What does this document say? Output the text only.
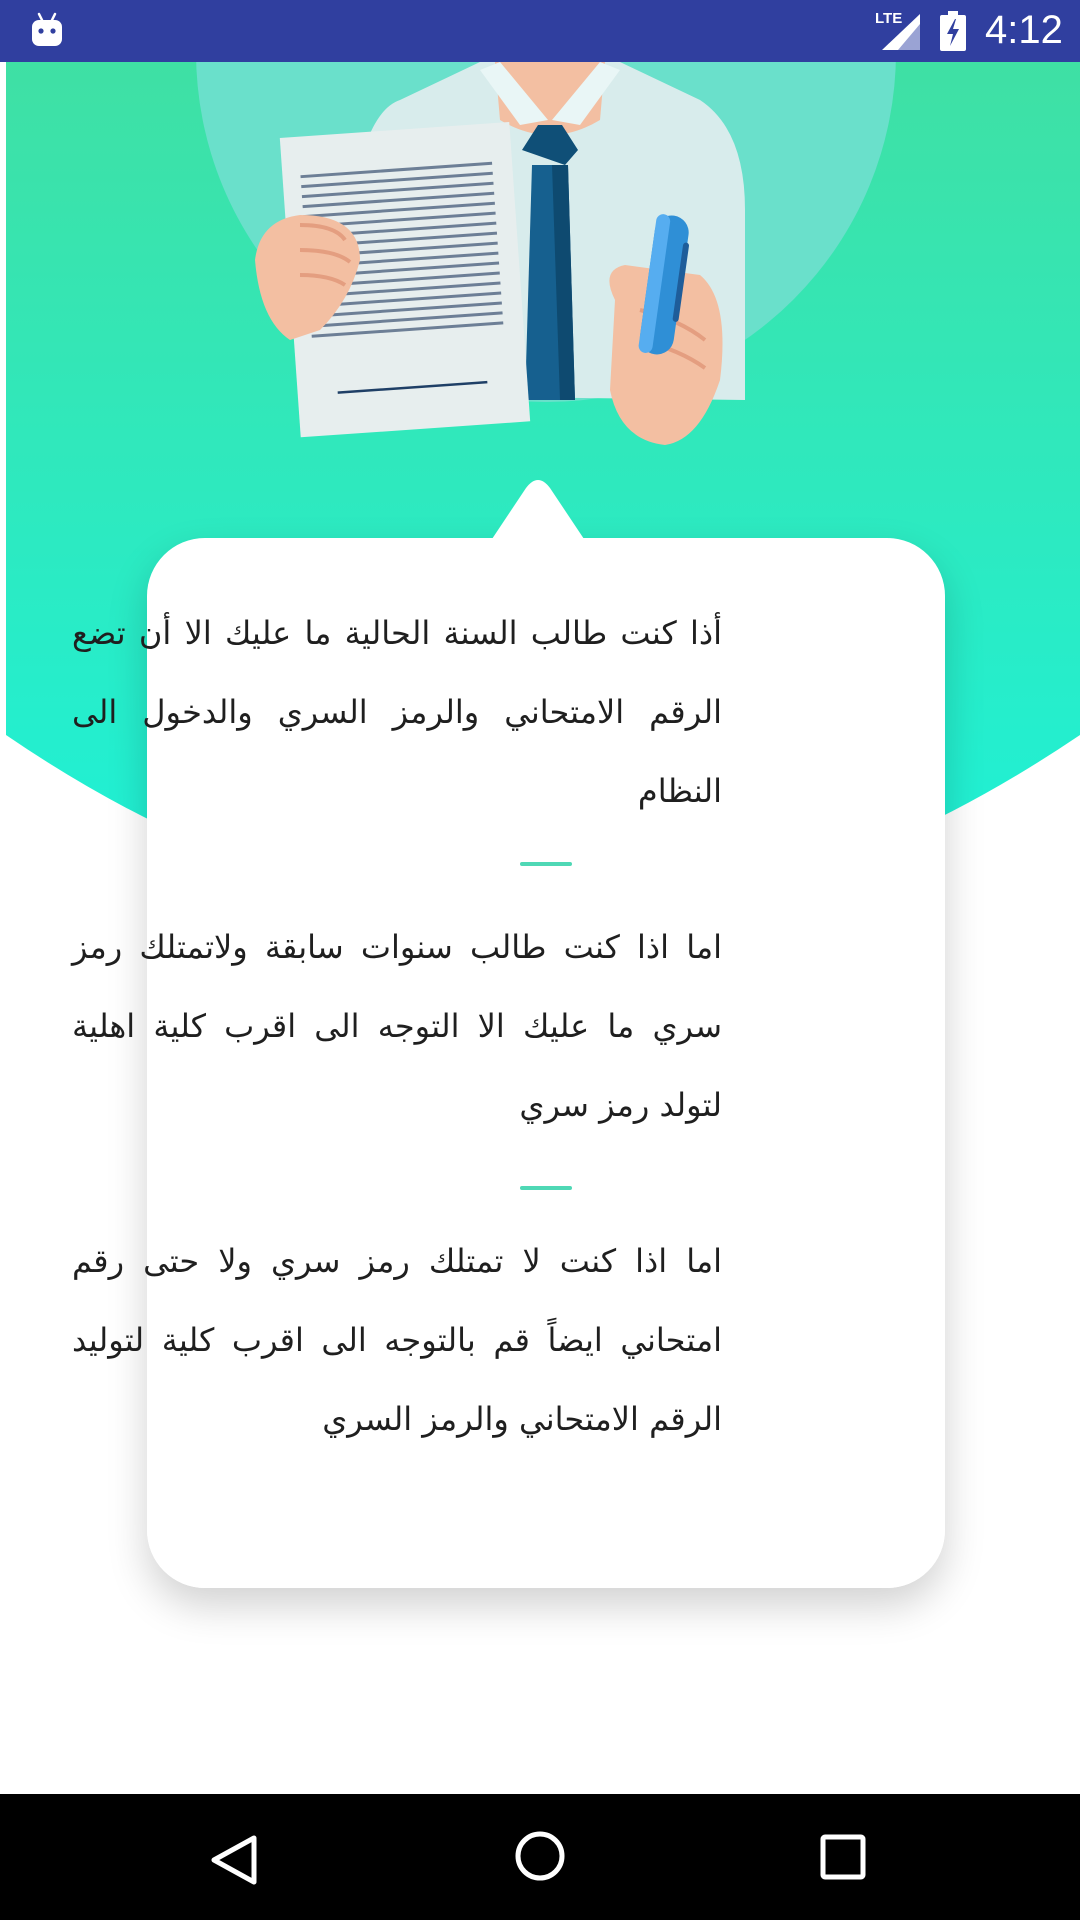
LTE 4:12

أذا كنت طالب السنة الحالية ما عليك الا أن تضع الرقم الامتحاني والرمز السري والدخول الى النظام

اما اذا كنت طالب سنوات سابقة ولاتمتلك رمز سري ما عليك الا التوجه الى اقرب كلية اهلية لتولد رمز سري

اما اذا كنت لا تمتلك رمز سري ولا حتى رقم امتحاني ايضاً قم بالتوجه الى اقرب كلية لتوليد الرقم الامتحاني والرمز السري
